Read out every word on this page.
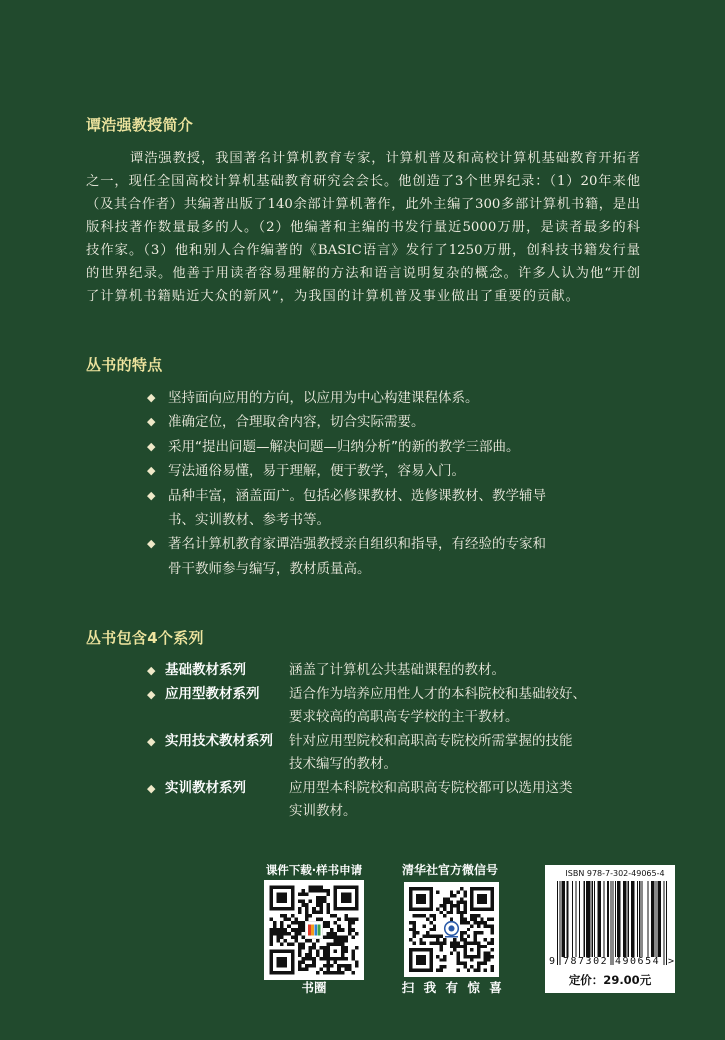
谭浩强教授简介
谭浩强教授，我国著名计算机教育专家，计算机普及和高校计算机基础教育开拓者
之一，现任全国高校计算机基础教育研究会会长。他创造了3个世界纪录：（1）20年来他
（及其合作者）共编著出版了140余部计算机著作，此外主编了300多部计算机书籍，是出
版科技著作数量最多的人。（2）他编著和主编的书发行量近5000万册，是读者最多的科
技作家。（3）他和别人合作编著的《BASIC语言》发行了1250万册，创科技书籍发行量
的世界纪录。他善于用读者容易理解的方法和语言说明复杂的概念。许多人认为他“开创
了计算机书籍贴近大众的新风”，为我国的计算机普及事业做出了重要的贡献。
丛书的特点
◆ 坚持面向应用的方向，以应用为中心构建课程体系。
◆ 准确定位，合理取舍内容，切合实际需要。
◆ 采用“提出问题—解决问题—归纳分析”的新的教学三部曲。
◆ 写法通俗易懂，易于理解，便于教学，容易入门。
◆ 品种丰富，涵盖面广。包括必修课教材、选修课教材、教学辅导
书、实训教材、参考书等。
◆ 著名计算机教育家谭浩强教授亲自组织和指导，有经验的专家和
骨干教师参与编写，教材质量高。
丛书包含4个系列
◆ 基础教材系列	涵盖了计算机公共基础课程的教材。
◆ 应用型教材系列 适合作为培养应用性人才的本科院校和基础较好、
要求较高的高职高专学校的主干教材。
◆ 实用技术教材系列 针对应用型院校和高职高专院校所需掌握的技能
技术编写的教材。
◆ 实训教材系列	应用型本科院校和高职高专院校都可以选用这类
实训教材。
课件下载·样书申请
书圈
清华社官方微信号
扫 我 有 惊 喜
ISBN 978-7-302-49065-4
9 787302 490654 >
定价：29.00元
